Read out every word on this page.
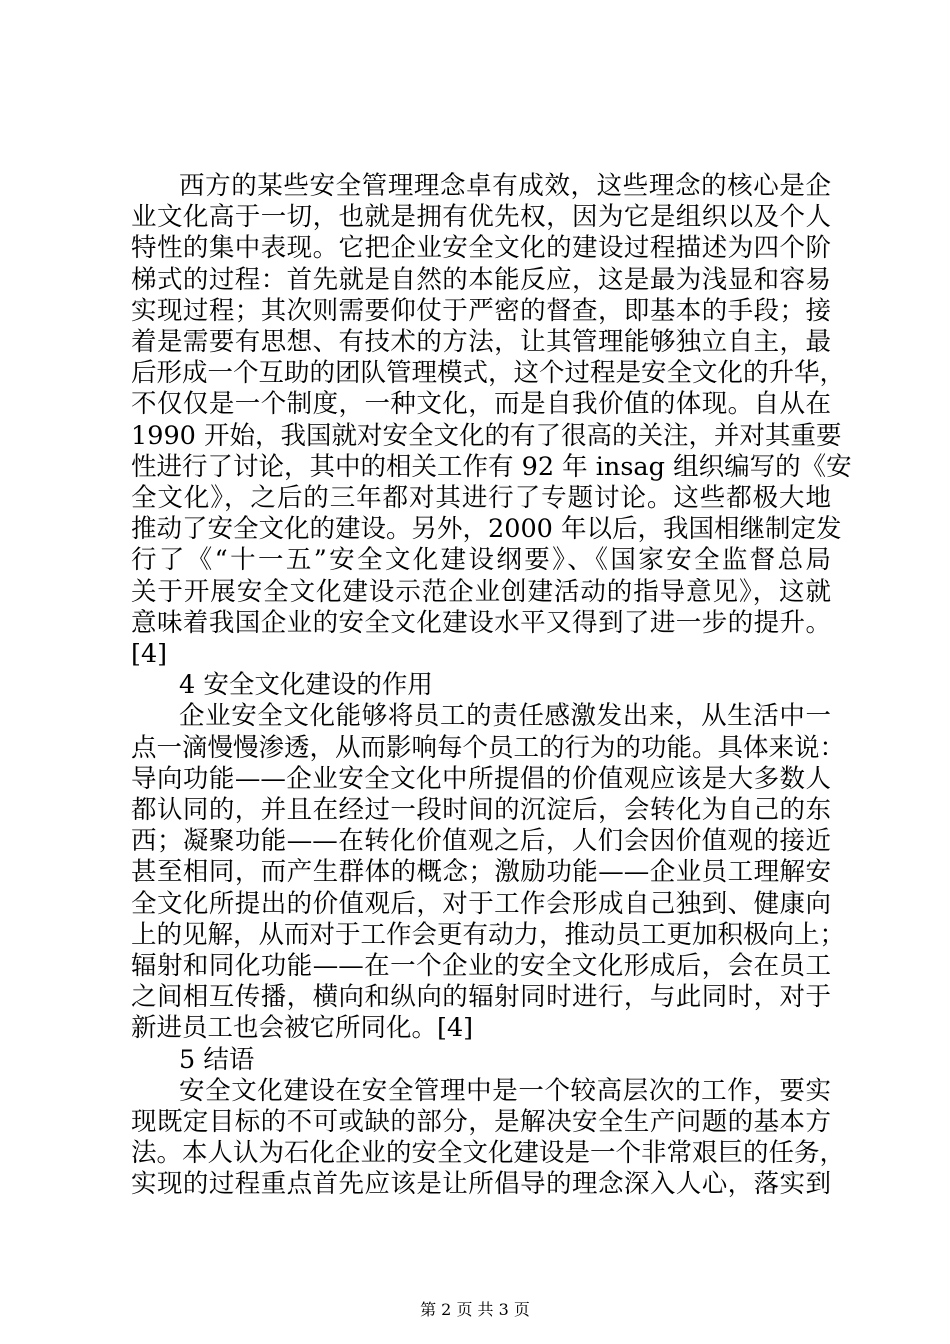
西方的某些安全管理理念卓有成效，这些理念的核心是企
业文化高于一切，也就是拥有优先权，因为它是组织以及个人
特性的集中表现。它把企业安全文化的建设过程描述为四个阶
梯式的过程：首先就是自然的本能反应，这是最为浅显和容易
实现过程；其次则需要仰仗于严密的督查，即基本的手段；接
着是需要有思想、有技术的方法，让其管理能够独立自主，最
后形成一个互助的团队管理模式，这个过程是安全文化的升华，
不仅仅是一个制度，一种文化，而是自我价值的体现。自从在
1990 开始，我国就对安全文化的有了很高的关注，并对其重要
性进行了讨论，其中的相关工作有 92 年 insag 组织编写的《安
全文化》，之后的三年都对其进行了专题讨论。这些都极大地
推动了安全文化的建设。另外，2000 年以后，我国相继制定发
行了《“十一五”安全文化建设纲要》、《国家安全监督总局
关于开展安全文化建设示范企业创建活动的指导意见》，这就
意味着我国企业的安全文化建设水平又得到了进一步的提升。
[4]
4 安全文化建设的作用
企业安全文化能够将员工的责任感激发出来，从生活中一
点一滴慢慢渗透，从而影响每个员工的行为的功能。具体来说：
导向功能——企业安全文化中所提倡的价值观应该是大多数人
都认同的，并且在经过一段时间的沉淀后，会转化为自己的东
西；凝聚功能——在转化价值观之后，人们会因价值观的接近
甚至相同，而产生群体的概念；激励功能——企业员工理解安
全文化所提出的价值观后，对于工作会形成自己独到、健康向
上的见解，从而对于工作会更有动力，推动员工更加积极向上；
辐射和同化功能——在一个企业的安全文化形成后，会在员工
之间相互传播，横向和纵向的辐射同时进行，与此同时，对于
新进员工也会被它所同化。[4]
5 结语
安全文化建设在安全管理中是一个较高层次的工作，要实
现既定目标的不可或缺的部分，是解决安全生产问题的基本方
法。本人认为石化企业的安全文化建设是一个非常艰巨的任务，
实现的过程重点首先应该是让所倡导的理念深入人心，落实到
第 2 页 共 3 页
